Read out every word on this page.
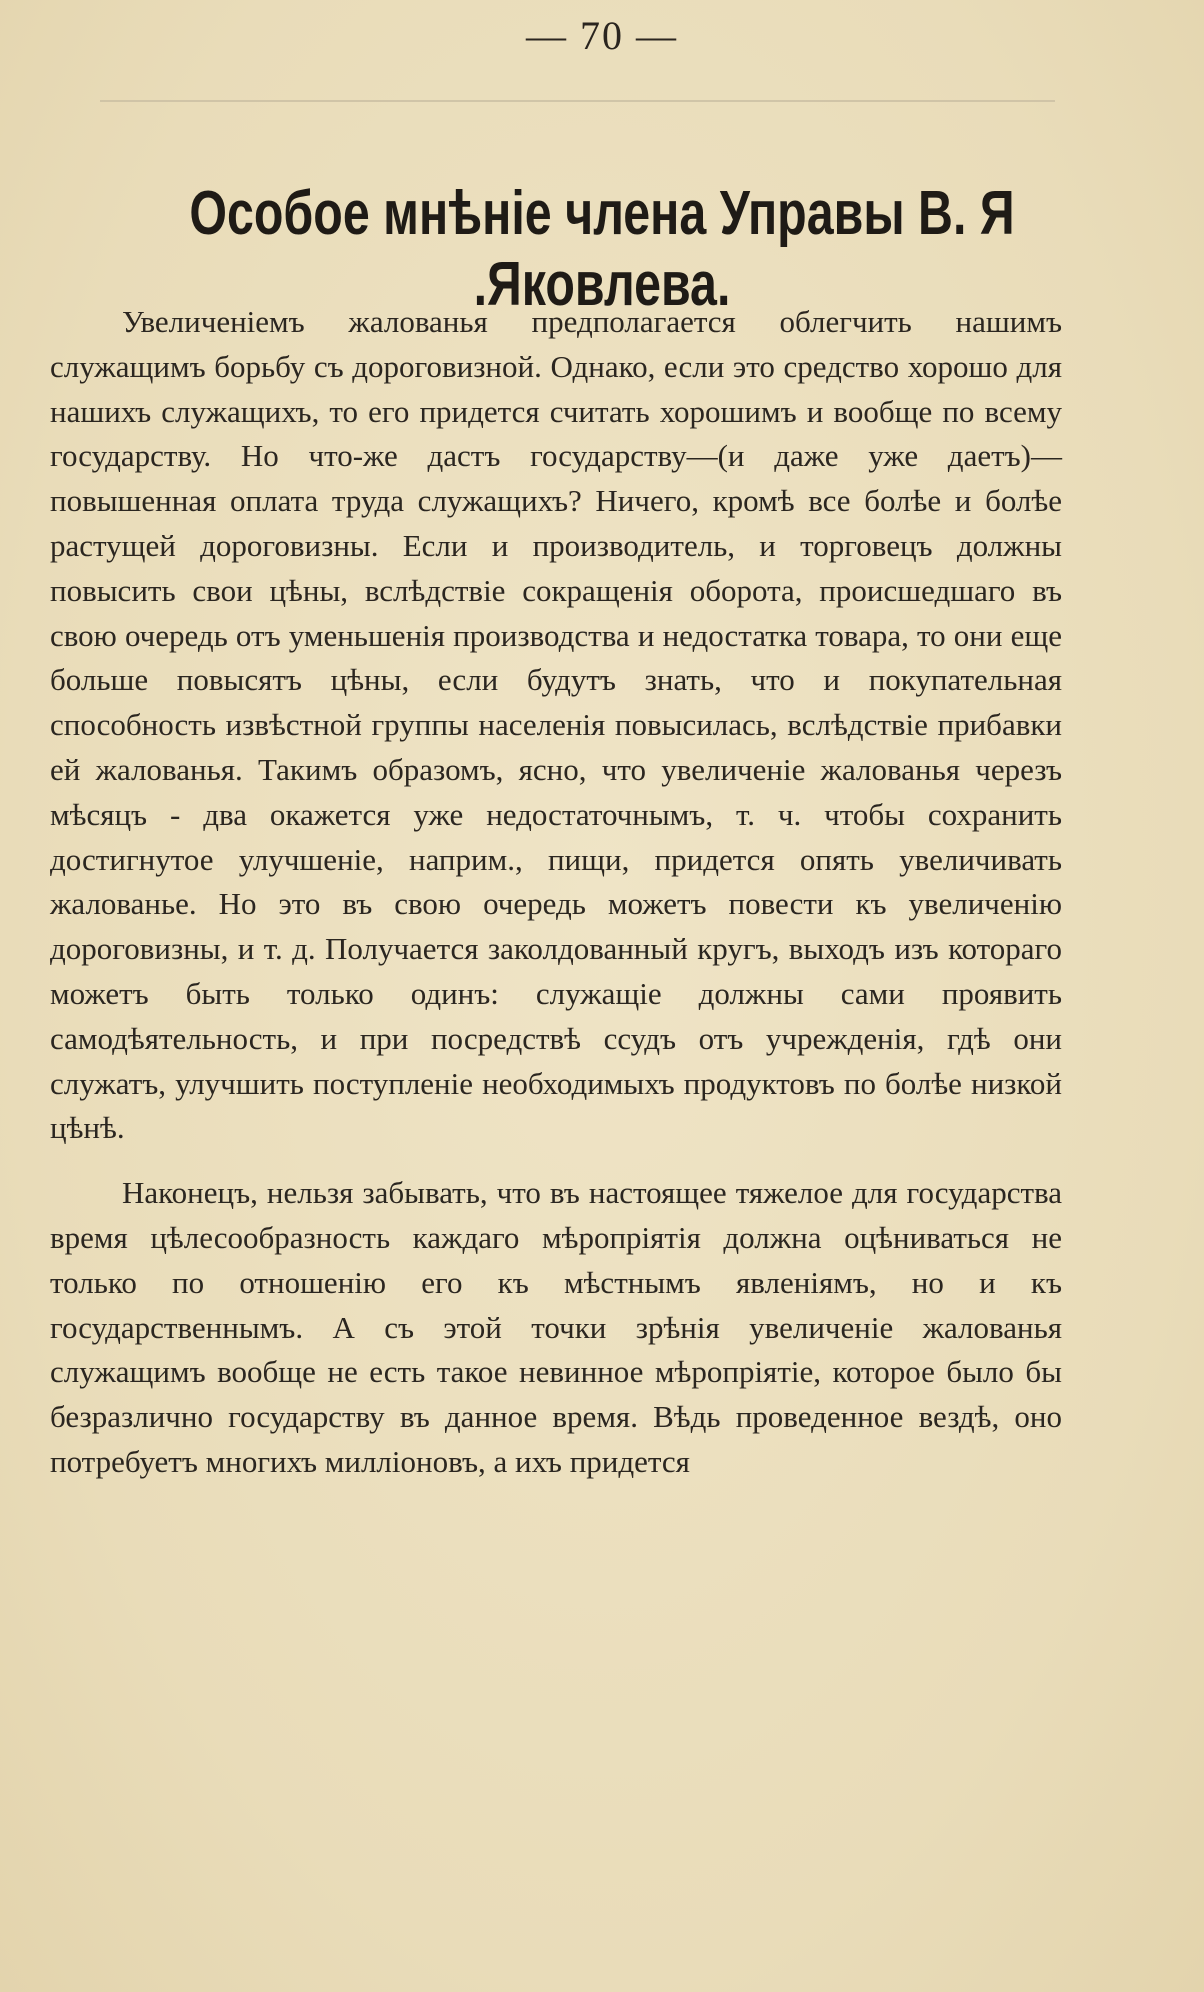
— 70 —
Особое мнѣніе члена Управы В. Я .Яковлева.

Увеличеніемъ жалованья предполагается облегчить нашимъ служащимъ борьбу съ дороговизной. Однако, если это средство хорошо для нашихъ служащихъ, то его придется считать хорошимъ и вообще по всему государству. Но что-же дастъ государству—(и даже уже даетъ)—повышенная оплата труда служащихъ? Ничего, кромѣ все болѣе и болѣе растущей дороговизны. Если и производитель, и торговецъ должны повысить свои цѣны, вслѣдствіе сокращенія оборота, происшедшаго въ свою очередь отъ уменьшенія производства и недостатка товара, то они еще больше повысятъ цѣны, если будутъ знать, что и покупательная способность извѣстной группы населенія повысилась, вслѣдствіе прибавки ей жалованья. Такимъ образомъ, ясно, что увеличеніе жалованья черезъ мѣсяцъ - два окажется уже недостаточнымъ, т. ч. чтобы сохранить достигнутое улучшеніе, наприм., пищи, придется опять увеличивать жалованье. Но это въ свою очередь можетъ повести къ увеличенію дороговизны, и т. д. Получается заколдованный кругъ, выходъ изъ котораго можетъ быть только одинъ: служащіе должны сами проявить самодѣятельность, и при посредствѣ ссудъ отъ учрежденія, гдѣ они служатъ, улучшить поступленіе необходимыхъ продуктовъ по болѣе низкой цѣнѣ.

Наконецъ, нельзя забывать, что въ настоящее тяжелое для государства время цѣлесообразность каждаго мѣропріятія должна оцѣниваться не только по отношенію его къ мѣстнымъ явленіямъ, но и къ государственнымъ. А съ этой точки зрѣнія увеличеніе жалованья служащимъ вообще не есть такое невинное мѣропріятіе, которое было бы безразлично государству въ данное время. Вѣдь проведенное вездѣ, оно потребуетъ многихъ милліоновъ, а ихъ придется
